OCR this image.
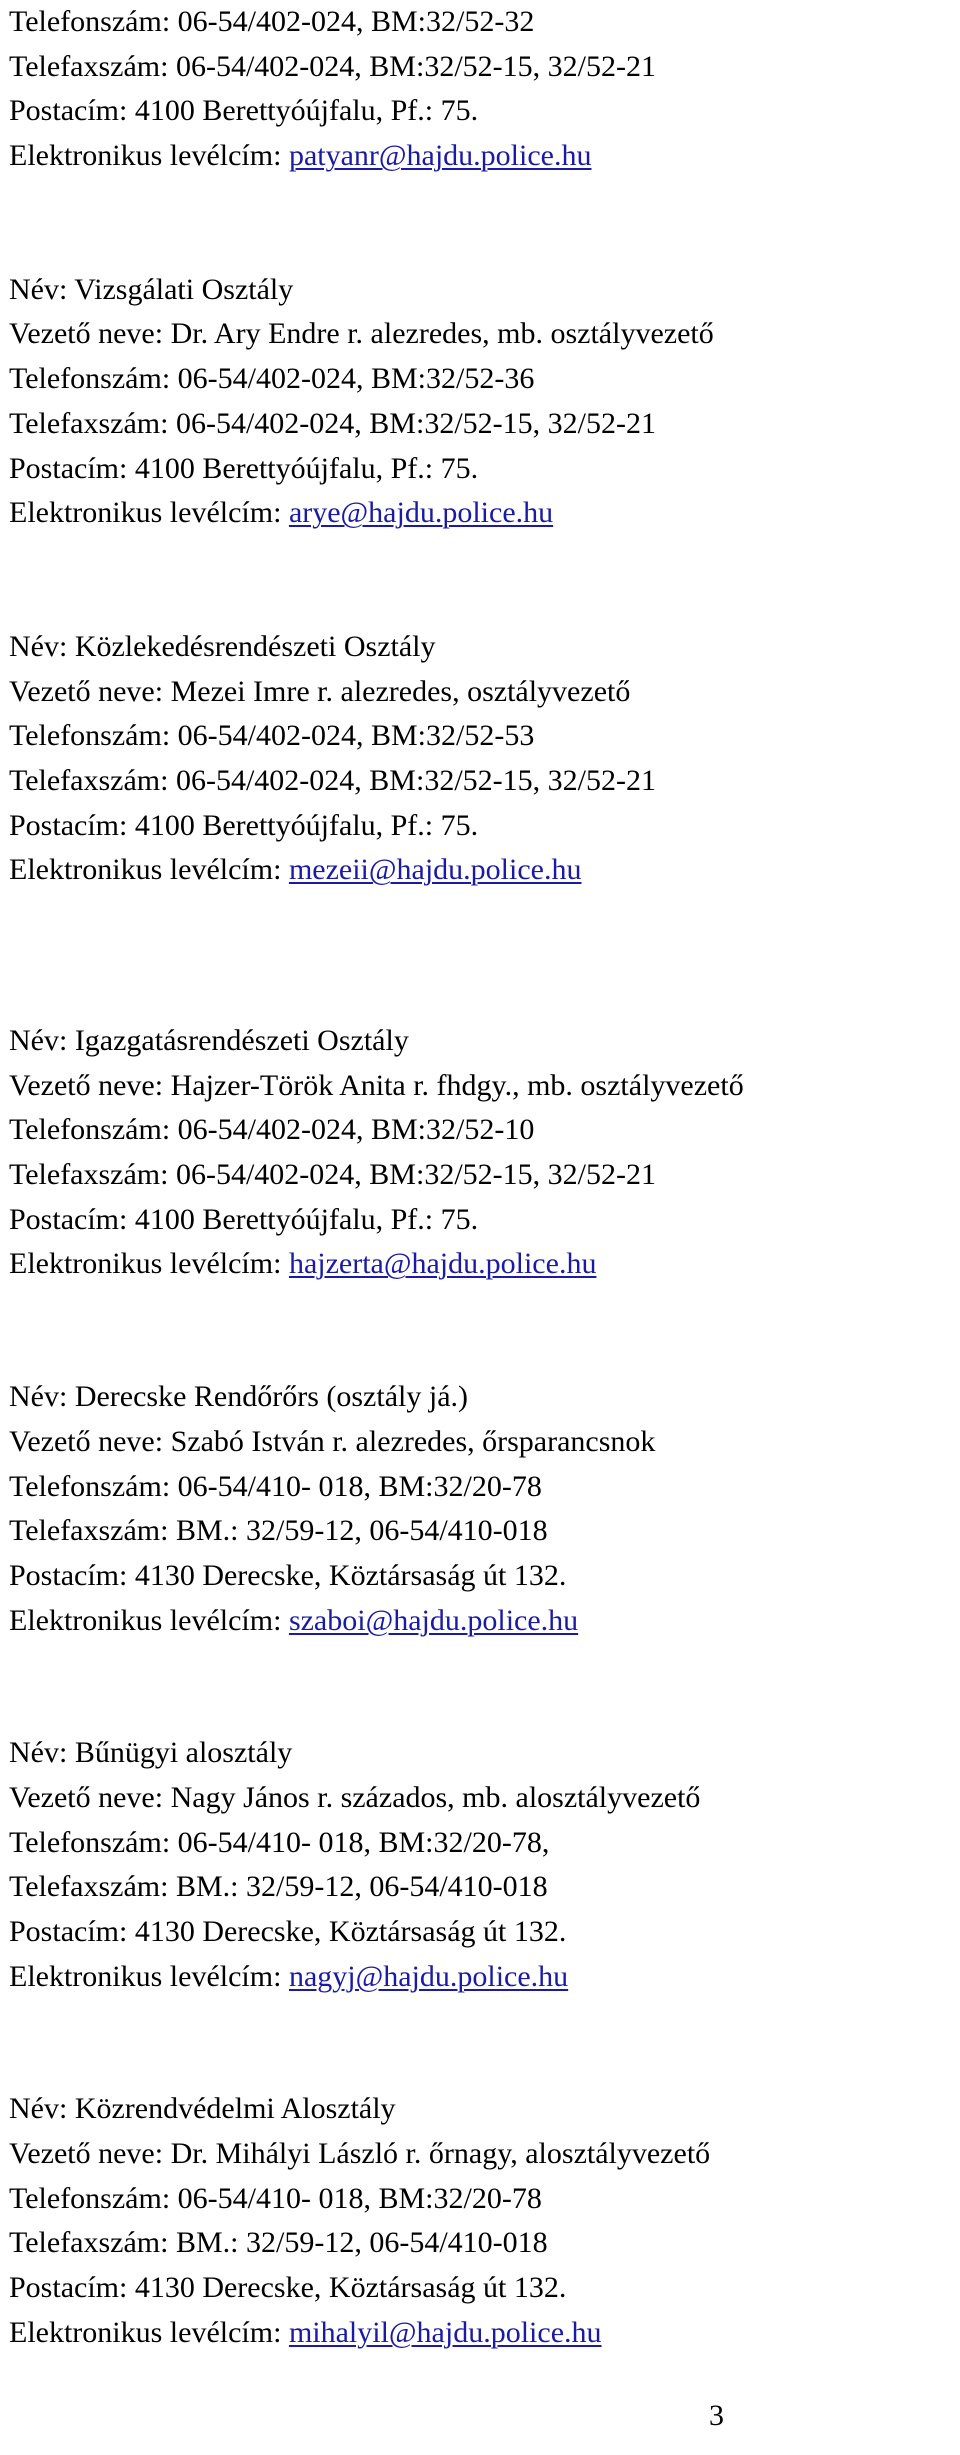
Telefonszám: 06-54/402-024, BM:32/52-32
Telefaxszám: 06-54/402-024, BM:32/52-15, 32/52-21
Postacím: 4100 Berettyóújfalu, Pf.: 75.
Elektronikus levélcím: patyanr@hajdu.police.hu
Név: Vizsgálati Osztály
Vezető neve: Dr. Ary Endre r. alezredes, mb. osztályvezető
Telefonszám: 06-54/402-024, BM:32/52-36
Telefaxszám: 06-54/402-024, BM:32/52-15, 32/52-21
Postacím: 4100 Berettyóújfalu, Pf.: 75.
Elektronikus levélcím: arye@hajdu.police.hu
Név: Közlekedésrendészeti Osztály
Vezető neve: Mezei Imre r. alezredes, osztályvezető
Telefonszám: 06-54/402-024, BM:32/52-53
Telefaxszám: 06-54/402-024, BM:32/52-15, 32/52-21
Postacím: 4100 Berettyóújfalu, Pf.: 75.
Elektronikus levélcím: mezeii@hajdu.police.hu
Név: Igazgatásrendészeti Osztály
Vezető neve: Hajzer-Török Anita r. fhdgy., mb. osztályvezető
Telefonszám: 06-54/402-024, BM:32/52-10
Telefaxszám: 06-54/402-024, BM:32/52-15, 32/52-21
Postacím: 4100 Berettyóújfalu, Pf.: 75.
Elektronikus levélcím: hajzerta@hajdu.police.hu
Név: Derecske Rendőrőrs (osztály já.)
Vezető neve: Szabó István r. alezredes, őrsparancsnok
Telefonszám: 06-54/410- 018, BM:32/20-78
Telefaxszám: BM.: 32/59-12, 06-54/410-018
Postacím: 4130 Derecske, Köztársaság út 132.
Elektronikus levélcím: szaboi@hajdu.police.hu
Név: Bűnügyi alosztály
Vezető neve: Nagy János r. százados, mb. alosztályvezető
Telefonszám: 06-54/410- 018, BM:32/20-78,
Telefaxszám: BM.: 32/59-12, 06-54/410-018
Postacím: 4130 Derecske, Köztársaság út 132.
Elektronikus levélcím: nagyj@hajdu.police.hu
Név: Közrendvédelmi Alosztály
Vezető neve: Dr. Mihályi László r. őrnagy, alosztályvezető
Telefonszám: 06-54/410- 018, BM:32/20-78
Telefaxszám: BM.: 32/59-12, 06-54/410-018
Postacím: 4130 Derecske, Köztársaság út 132.
Elektronikus levélcím: mihalyil@hajdu.police.hu
3
